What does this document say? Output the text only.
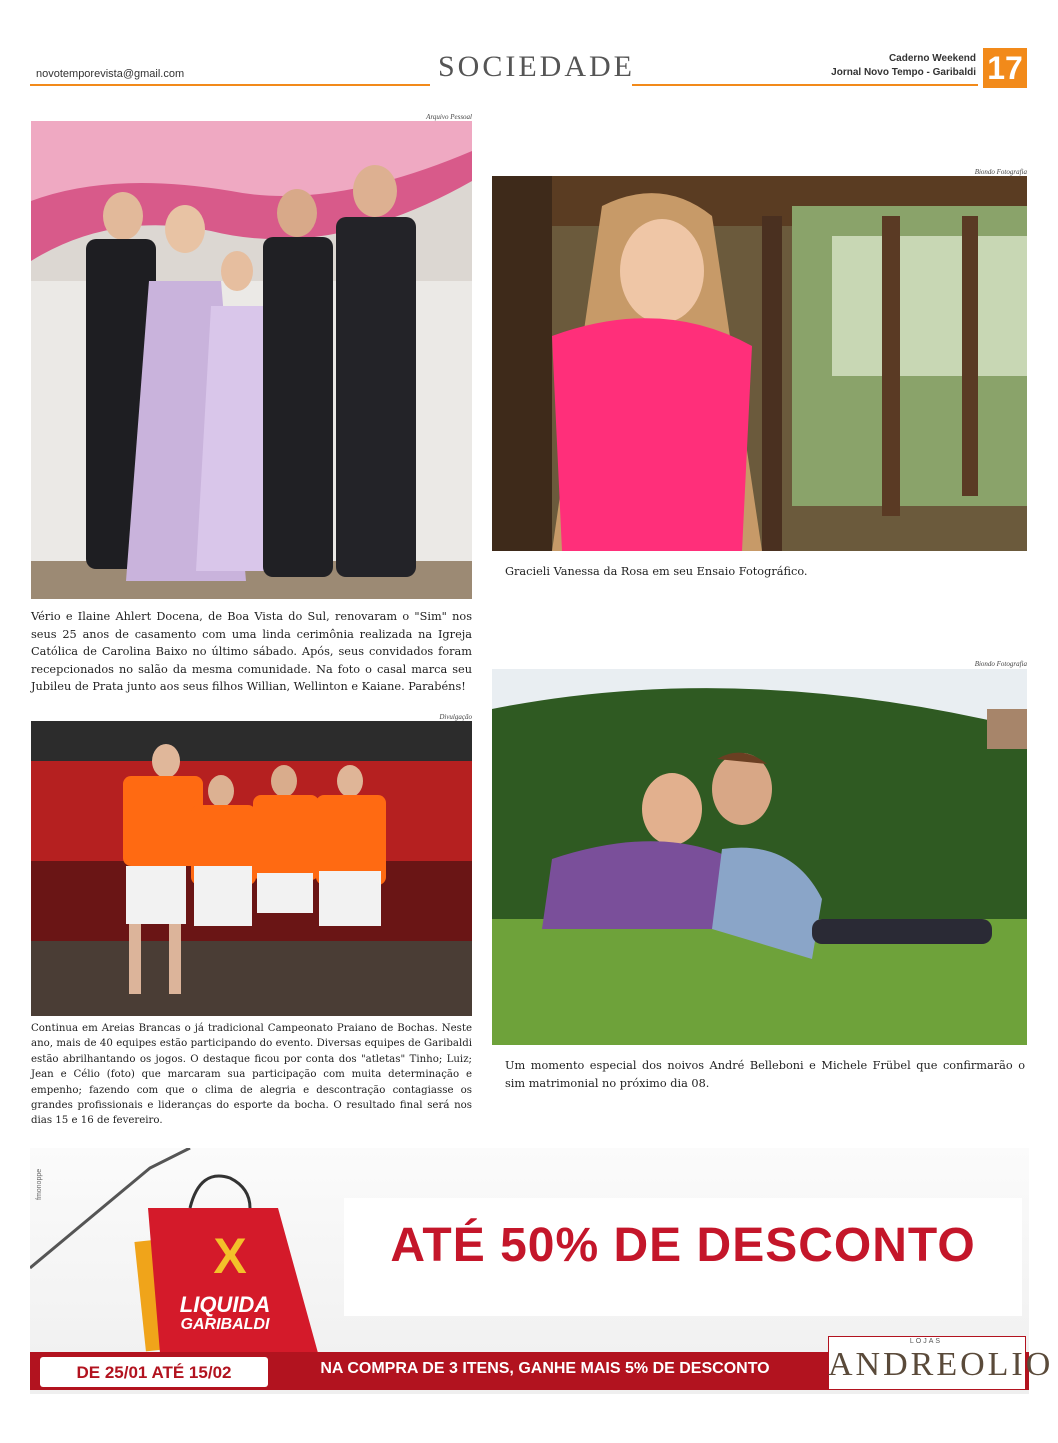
novotemporevista@gmail.com	SOCIEDADE	Caderno Weekend
Jornal Novo Tempo - Garibaldi 17
Arquivo Pessoal
Vério e Ilaine Ahlert Docena, de Boa Vista do Sul, renovaram o "Sim" nos seus 25 anos de casamento com uma linda cerimônia realizada na Igreja Católica de Carolina Baixo no último sábado. Após, seus convidados foram recepcionados no salão da mesma comunidade. Na foto o casal marca seu Jubileu de Prata junto aos seus filhos Willian, Wellinton e Kaiane. Parabéns!
Divulgação
Continua em Areias Brancas o já tradicional Campeonato Praiano de Bochas. Neste ano, mais de 40 equipes estão participando do evento. Diversas equipes de Garibaldi estão abrilhantando os jogos. O destaque ficou por conta dos "atletas" Tinho; Luiz; Jean e Célio (foto) que marcaram sua participação com muita determinação e empenho; fazendo com que o clima de alegria e descontração contagiasse os grandes profissionais e lideranças do esporte da bocha. O resultado final será nos dias 15 e 16 de fevereiro.
Biondo Fotografia
Gracieli Vanessa da Rosa em seu Ensaio Fotográfico.
Biondo Fotografia
Um momento especial dos noivos André Belleboni e Michele Frübel que confirmarão o sim matrimonial no próximo dia 08.
fmonoppe
X
LIQUIDA
GARIBALDI
ATÉ 50% DE DESCONTO
DE 25/01 ATÉ 15/02	NA COMPRA DE 3 ITENS, GANHE MAIS 5% DE DESCONTO
LOJAS
ANDREOLIO
